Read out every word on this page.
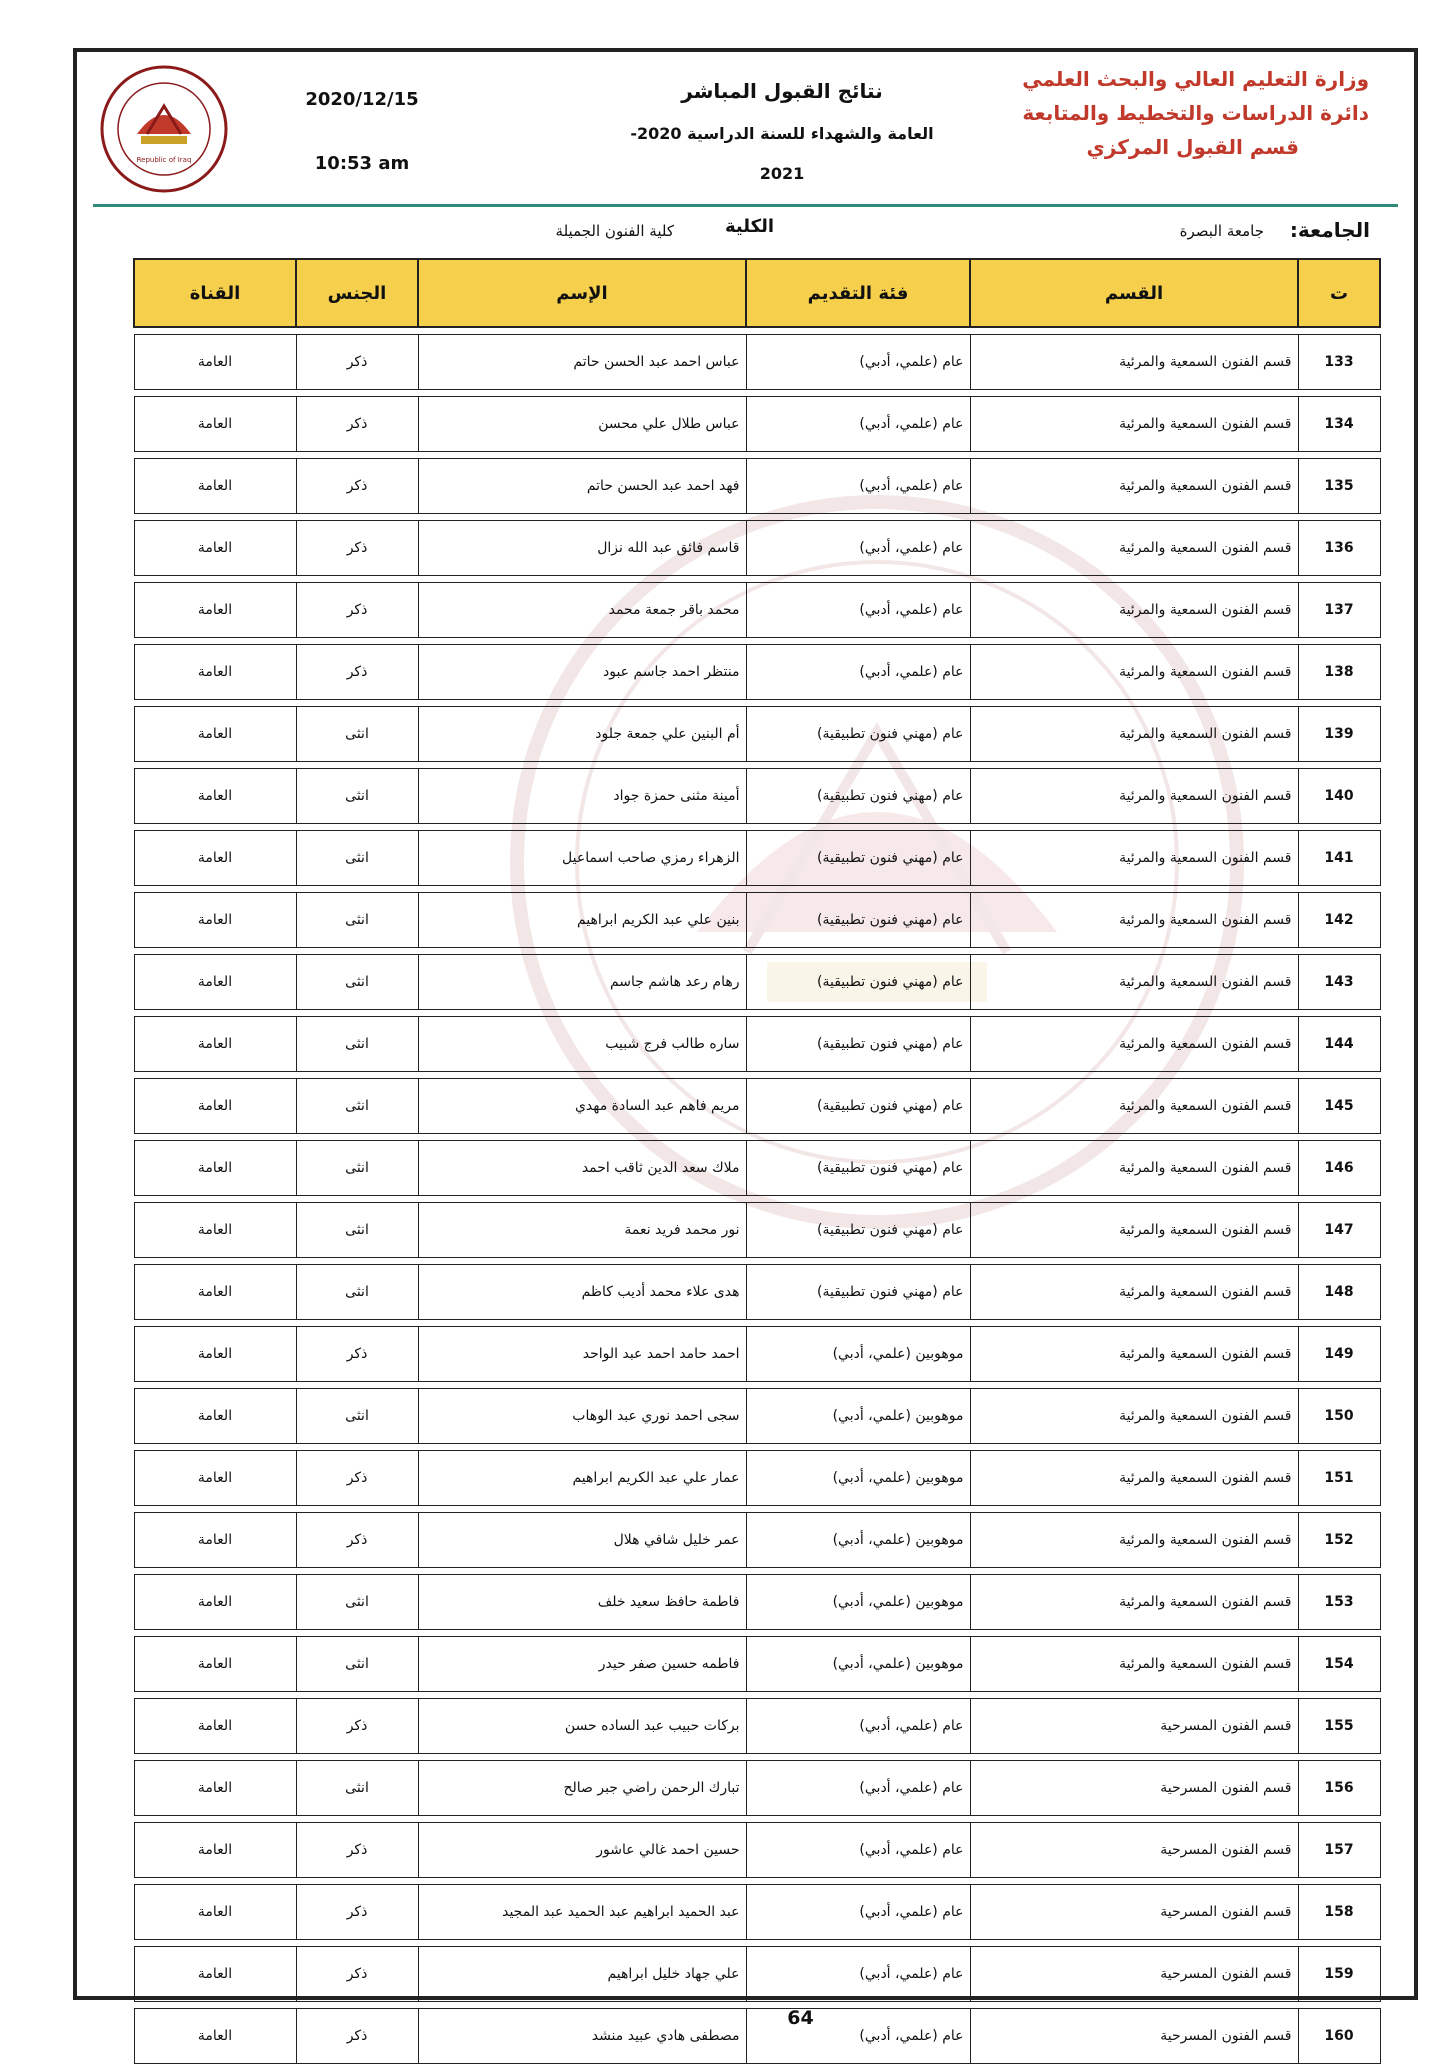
وزارة التعليم العالي والبحث العلمي
دائرة الدراسات والتخطيط والمتابعة
قسم القبول المركزي
نتائج القبول المباشر
العامة والشهداء للسنة الدراسية 2020-2021
2020/12/15
10:53 am
Republic of Iraq
الجامعة:
جامعة البصرة
الكلية
كلية الفنون الجميلة
ت	القسم	فئة التقديم	الإسم	الجنس	القناة

133	قسم الفنون السمعية والمرئية	عام (علمي، أدبي)	عباس احمد عبد الحسن حاتم	ذكر	العامة

134	قسم الفنون السمعية والمرئية	عام (علمي، أدبي)	عباس طلال علي محسن	ذكر	العامة

135	قسم الفنون السمعية والمرئية	عام (علمي، أدبي)	فهد احمد عبد الحسن حاتم	ذكر	العامة

136	قسم الفنون السمعية والمرئية	عام (علمي، أدبي)	قاسم فائق عبد الله نزال	ذكر	العامة

137	قسم الفنون السمعية والمرئية	عام (علمي، أدبي)	محمد باقر جمعة محمد	ذكر	العامة

138	قسم الفنون السمعية والمرئية	عام (علمي، أدبي)	منتظر احمد جاسم عبود	ذكر	العامة

139	قسم الفنون السمعية والمرئية	عام (مهني فنون تطبيقية)	أم البنين علي جمعة جلود	انثى	العامة

140	قسم الفنون السمعية والمرئية	عام (مهني فنون تطبيقية)	أمينة مثنى حمزة جواد	انثى	العامة

141	قسم الفنون السمعية والمرئية	عام (مهني فنون تطبيقية)	الزهراء رمزي صاحب اسماعيل	انثى	العامة

142	قسم الفنون السمعية والمرئية	عام (مهني فنون تطبيقية)	بنين علي عبد الكريم ابراهيم	انثى	العامة

143	قسم الفنون السمعية والمرئية	عام (مهني فنون تطبيقية)	رهام رعد هاشم جاسم	انثى	العامة

144	قسم الفنون السمعية والمرئية	عام (مهني فنون تطبيقية)	ساره طالب فرج شبيب	انثى	العامة

145	قسم الفنون السمعية والمرئية	عام (مهني فنون تطبيقية)	مريم فاهم عبد السادة مهدي	انثى	العامة

146	قسم الفنون السمعية والمرئية	عام (مهني فنون تطبيقية)	ملاك سعد الدين ثاقب احمد	انثى	العامة

147	قسم الفنون السمعية والمرئية	عام (مهني فنون تطبيقية)	نور محمد فريد نعمة	انثى	العامة

148	قسم الفنون السمعية والمرئية	عام (مهني فنون تطبيقية)	هدى علاء محمد أديب كاظم	انثى	العامة

149	قسم الفنون السمعية والمرئية	موهوبين (علمي، أدبي)	احمد حامد احمد عبد الواحد	ذكر	العامة

150	قسم الفنون السمعية والمرئية	موهوبين (علمي، أدبي)	سجى احمد نوري عبد الوهاب	انثى	العامة

151	قسم الفنون السمعية والمرئية	موهوبين (علمي، أدبي)	عمار علي عبد الكريم ابراهيم	ذكر	العامة

152	قسم الفنون السمعية والمرئية	موهوبين (علمي، أدبي)	عمر خليل شافي هلال	ذكر	العامة

153	قسم الفنون السمعية والمرئية	موهوبين (علمي، أدبي)	فاطمة حافظ سعيد خلف	انثى	العامة

154	قسم الفنون السمعية والمرئية	موهوبين (علمي، أدبي)	فاطمه حسين صفر حيدر	انثى	العامة

155	قسم الفنون المسرحية	عام (علمي، أدبي)	بركات حبيب عبد الساده حسن	ذكر	العامة

156	قسم الفنون المسرحية	عام (علمي، أدبي)	تبارك الرحمن راضي جبر صالح	انثى	العامة

157	قسم الفنون المسرحية	عام (علمي، أدبي)	حسين احمد غالي عاشور	ذكر	العامة

158	قسم الفنون المسرحية	عام (علمي، أدبي)	عبد الحميد ابراهيم عبد الحميد عبد المجيد	ذكر	العامة

159	قسم الفنون المسرحية	عام (علمي، أدبي)	علي جهاد خليل ابراهيم	ذكر	العامة

160	قسم الفنون المسرحية	عام (علمي، أدبي)	مصطفى هادي عبيد منشد	ذكر	العامة
64
